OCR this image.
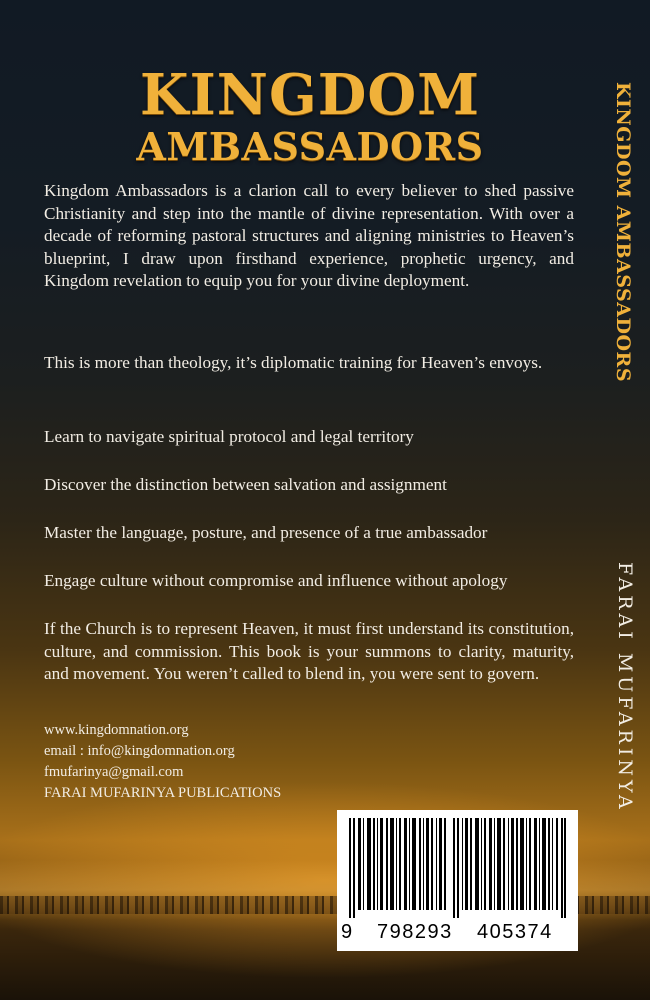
KINGDOM
AMBASSADORS
Kingdom Ambassadors is a clarion call to every believer to shed passive Christianity and step into the mantle of divine representation. With over a decade of reforming pastoral structures and aligning ministries to Heaven’s blueprint, I draw upon firsthand experience, prophetic urgency, and Kingdom revelation to equip you for your divine deployment.
This is more than theology, it’s diplomatic training for Heaven’s envoys.
Learn to navigate spiritual protocol and legal territory
Discover the distinction between salvation and assignment
Master the language, posture, and presence of a true ambassador
Engage culture without compromise and influence without apology
If the Church is to represent Heaven, it must first understand its constitution, culture, and commission. This book is your summons to clarity, maturity, and movement. You weren’t called to blend in, you were sent to govern.
www.kingdomnation.org
email : info@kingdomnation.org
fmufarinya@gmail.com
FARAI MUFARINYA PUBLICATIONS
KINGDOM AMBASSADORS
FARAI MUFARINYA
9 798293 405374
